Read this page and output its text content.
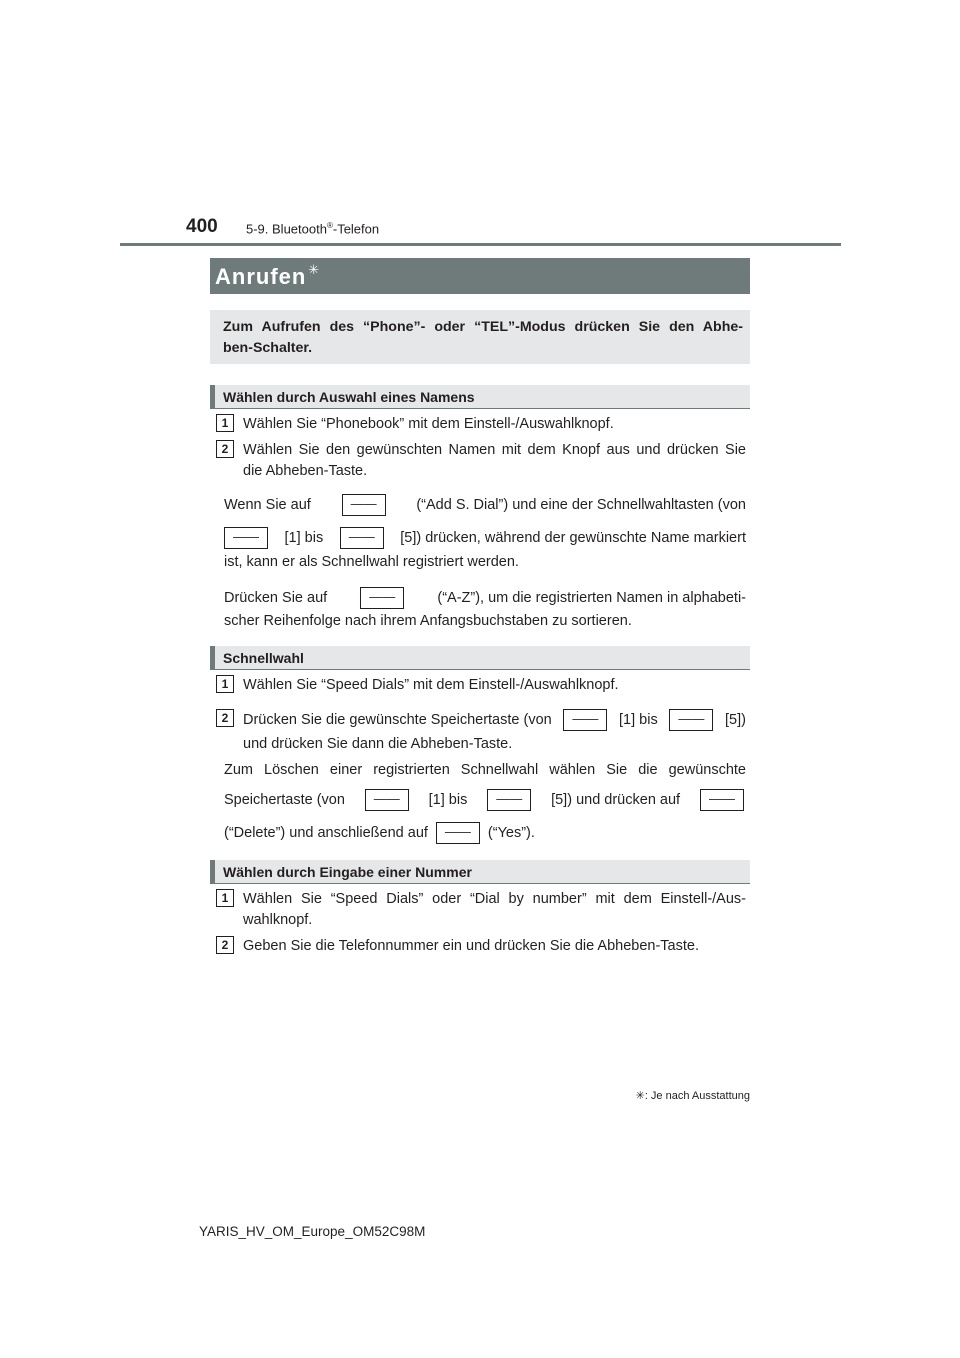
400 5-9. Bluetooth®-Telefon
Anrufen ✳
Zum Aufrufen des “Phone”- oder “TEL”-Modus drücken Sie den Abhe-
ben-Schalter.
Wählen durch Auswahl eines Namens
1	Wählen Sie “Phonebook” mit dem Einstell-/Auswahlknopf.
2	Wählen Sie den gewünschten Namen mit dem Knopf aus und drücken Sie
die Abheben-Taste.
Wenn Sie auf	——	(“Add S. Dial”) und eine der Schnellwahltasten (von
——	[1] bis	——	[5]) drücken, während der gewünschte Name markiert
ist, kann er als Schnellwahl registriert werden.
Drücken Sie auf	——	(“A-Z”), um die registrierten Namen in alphabeti-
scher Reihenfolge nach ihrem Anfangsbuchstaben zu sortieren.
Schnellwahl
1	Wählen Sie “Speed Dials” mit dem Einstell-/Auswahlknopf.
2	Drücken Sie die gewünschte Speichertaste (von	——	[1] bis	——	[5])
und drücken Sie dann die Abheben-Taste.
Zum Löschen einer registrierten Schnellwahl wählen Sie die gewünschte
Speichertaste (von	——	[1] bis	——	[5]) und drücken auf	——
(“Delete”) und anschließend auf	——	(“Yes”).
Wählen durch Eingabe einer Nummer
1	Wählen Sie “Speed Dials” oder “Dial by number” mit dem Einstell-/Aus-
wahlknopf.
2	Geben Sie die Telefonnummer ein und drücken Sie die Abheben-Taste.
✳: Je nach Ausstattung
YARIS_HV_OM_Europe_OM52C98M
